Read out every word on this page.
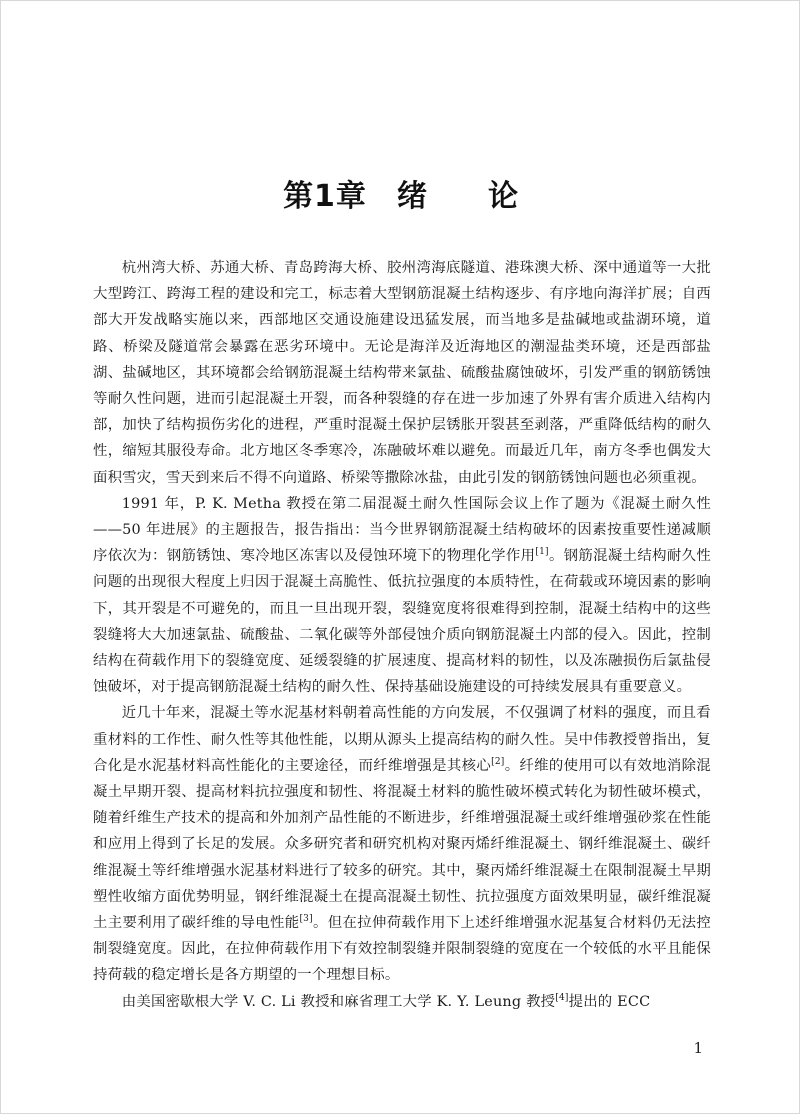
第1章 绪 论

杭州湾大桥、苏通大桥、青岛跨海大桥、胶州湾海底隧道、港珠澳大桥、深中通道等一大批大型跨江、跨海工程的建设和完工，标志着大型钢筋混凝土结构逐步、有序地向海洋扩展；自西部大开发战略实施以来，西部地区交通设施建设迅猛发展，而当地多是盐碱地或盐湖环境，道路、桥梁及隧道常会暴露在恶劣环境中。无论是海洋及近海地区的潮湿盐类环境，还是西部盐湖、盐碱地区，其环境都会给钢筋混凝土结构带来氯盐、硫酸盐腐蚀破坏，引发严重的钢筋锈蚀等耐久性问题，进而引起混凝土开裂，而各种裂缝的存在进一步加速了外界有害介质进入结构内部，加快了结构损伤劣化的进程，严重时混凝土保护层锈胀开裂甚至剥落，严重降低结构的耐久性，缩短其服役寿命。北方地区冬季寒冷，冻融破坏难以避免。而最近几年，南方冬季也偶发大面积雪灾，雪天到来后不得不向道路、桥梁等撒除冰盐，由此引发的钢筋锈蚀问题也必须重视。

1991 年，P. K. Metha 教授在第二届混凝土耐久性国际会议上作了题为《混凝土耐久性——50 年进展》的主题报告，报告指出：当今世界钢筋混凝土结构破坏的因素按重要性递减顺序依次为：钢筋锈蚀、寒冷地区冻害以及侵蚀环境下的物理化学作用[1]。钢筋混凝土结构耐久性问题的出现很大程度上归因于混凝土高脆性、低抗拉强度的本质特性，在荷载或环境因素的影响下，其开裂是不可避免的，而且一旦出现开裂，裂缝宽度将很难得到控制，混凝土结构中的这些裂缝将大大加速氯盐、硫酸盐、二氧化碳等外部侵蚀介质向钢筋混凝土内部的侵入。因此，控制结构在荷载作用下的裂缝宽度、延缓裂缝的扩展速度、提高材料的韧性，以及冻融损伤后氯盐侵蚀破坏，对于提高钢筋混凝土结构的耐久性、保持基础设施建设的可持续发展具有重要意义。

近几十年来，混凝土等水泥基材料朝着高性能的方向发展，不仅强调了材料的强度，而且看重材料的工作性、耐久性等其他性能，以期从源头上提高结构的耐久性。吴中伟教授曾指出，复合化是水泥基材料高性能化的主要途径，而纤维增强是其核心[2]。纤维的使用可以有效地消除混凝土早期开裂、提高材料抗拉强度和韧性、将混凝土材料的脆性破坏模式转化为韧性破坏模式，随着纤维生产技术的提高和外加剂产品性能的不断进步，纤维增强混凝土或纤维增强砂浆在性能和应用上得到了长足的发展。众多研究者和研究机构对聚丙烯纤维混凝土、钢纤维混凝土、碳纤维混凝土等纤维增强水泥基材料进行了较多的研究。其中，聚丙烯纤维混凝土在限制混凝土早期塑性收缩方面优势明显，钢纤维混凝土在提高混凝土韧性、抗拉强度方面效果明显，碳纤维混凝土主要利用了碳纤维的导电性能[3]。但在拉伸荷载作用下上述纤维增强水泥基复合材料仍无法控制裂缝宽度。因此，在拉伸荷载作用下有效控制裂缝并限制裂缝的宽度在一个较低的水平且能保持荷载的稳定增长是各方期望的一个理想目标。

由美国密歇根大学 V. C. Li 教授和麻省理工大学 K. Y. Leung 教授[4]提出的 ECC

1
